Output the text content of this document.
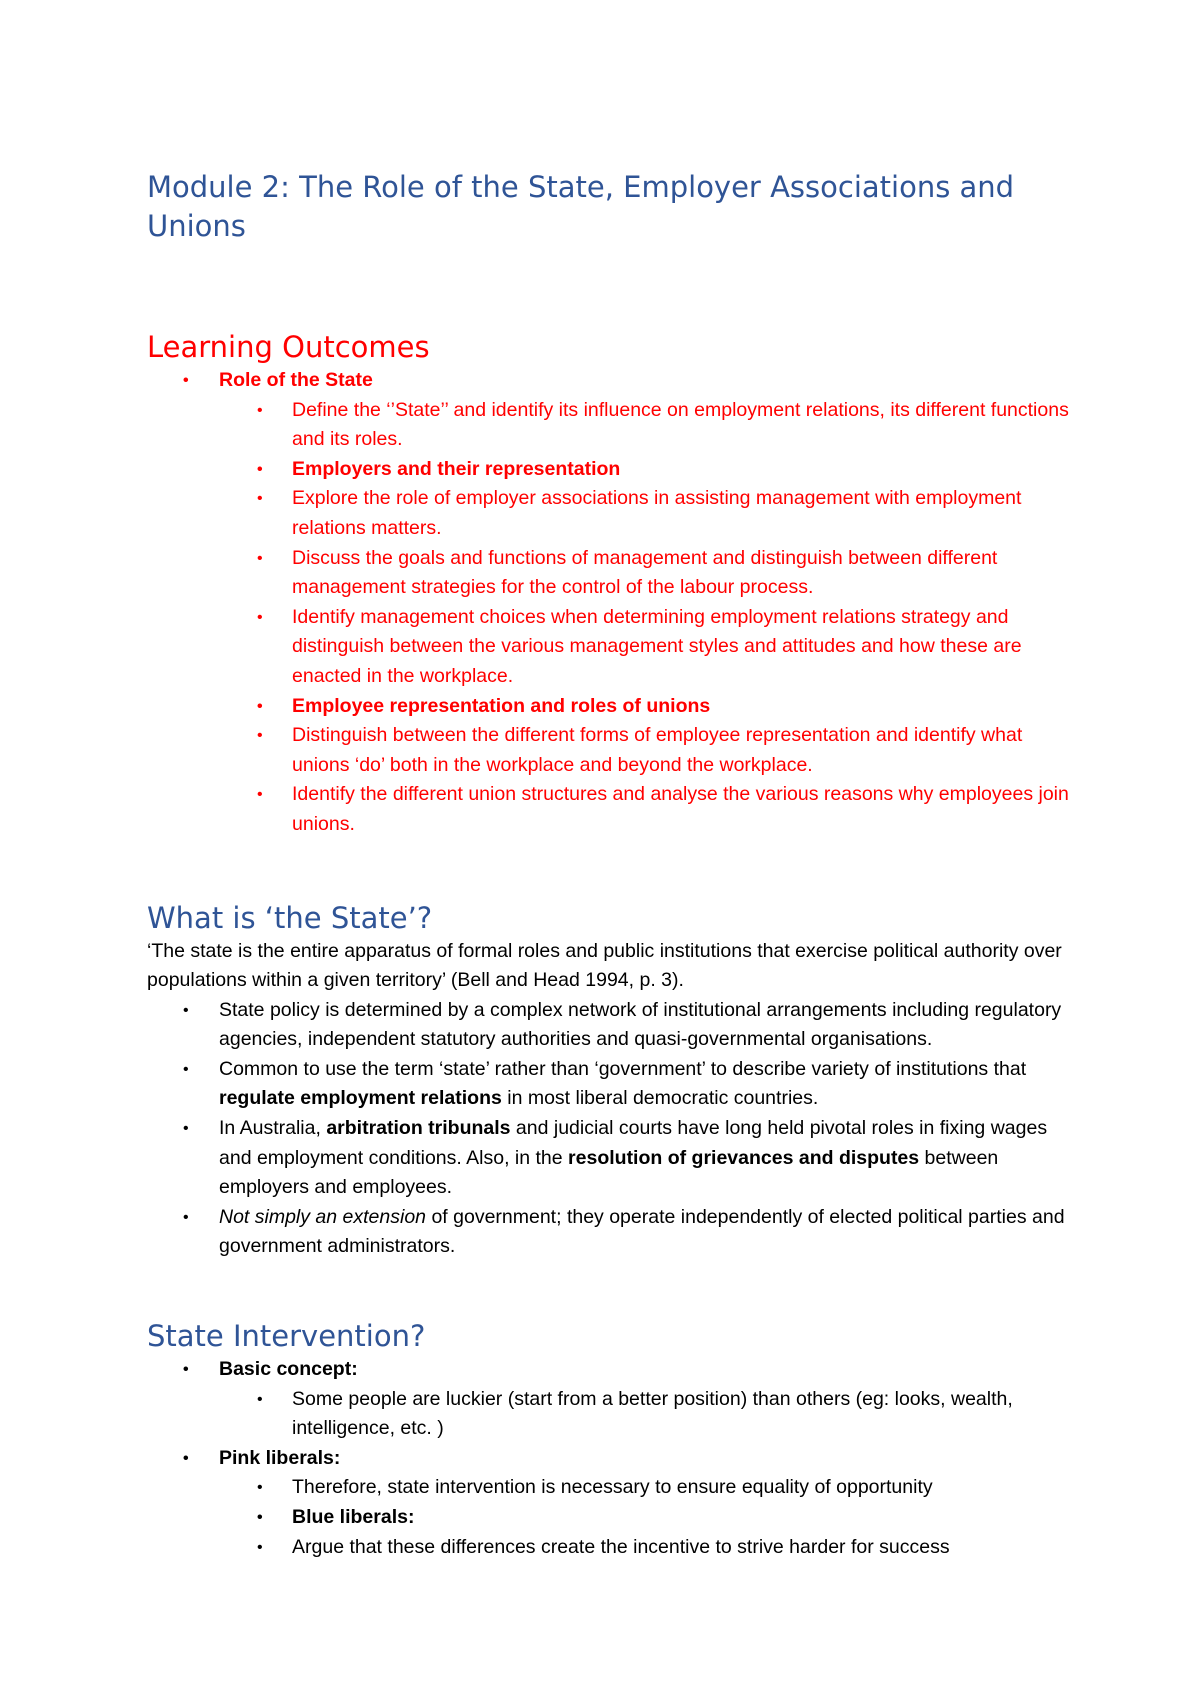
Module 2: The Role of the State, Employer Associations and Unions
Learning Outcomes
• Role of the State
• Define the ‘’State’’ and identify its influence on employment relations, its different functions and its roles.
• Employers and their representation
• Explore the role of employer associations in assisting management with employment relations matters.
• Discuss the goals and functions of management and distinguish between different management strategies for the control of the labour process.
• Identify management choices when determining employment relations strategy and distinguish between the various management styles and attitudes and how these are enacted in the workplace.
• Employee representation and roles of unions
• Distinguish between the different forms of employee representation and identify what unions ‘do’ both in the workplace and beyond the workplace.
• Identify the different union structures and analyse the various reasons why employees join unions.
What is ‘the State’?

‘The state is the entire apparatus of formal roles and public institutions that exercise political authority over populations within a given territory’ (Bell and Head 1994, p. 3).

• State policy is determined by a complex network of institutional arrangements including regulatory agencies, independent statutory authorities and quasi-governmental organisations.
• Common to use the term ‘state’ rather than ‘government’ to describe variety of institutions that regulate employment relations in most liberal democratic countries.
• In Australia, arbitration tribunals and judicial courts have long held pivotal roles in fixing wages and employment conditions. Also, in the resolution of grievances and disputes between employers and employees.
• Not simply an extension of government; they operate independently of elected political parties and government administrators.
State Intervention?
• Basic concept:
• Some people are luckier (start from a better position) than others (eg: looks, wealth, intelligence, etc. )
• Pink liberals:
• Therefore, state intervention is necessary to ensure equality of opportunity
• Blue liberals:
• Argue that these differences create the incentive to strive harder for success
